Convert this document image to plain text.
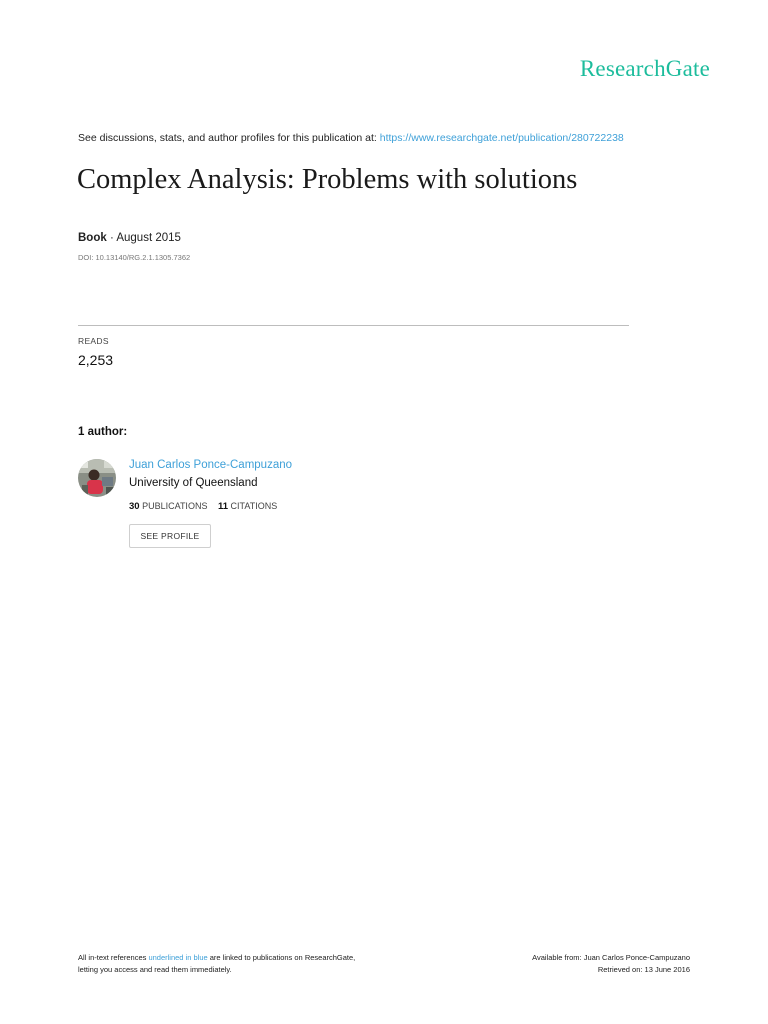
ResearchGate
See discussions, stats, and author profiles for this publication at: https://www.researchgate.net/publication/280722238
Complex Analysis: Problems with solutions
Book · August 2015
DOI: 10.13140/RG.2.1.1305.7362
READS
2,253
1 author:
Juan Carlos Ponce-Campuzano
University of Queensland
30 PUBLICATIONS 11 CITATIONS
SEE PROFILE
All in-text references underlined in blue are linked to publications on ResearchGate,
letting you access and read them immediately.
Available from: Juan Carlos Ponce-Campuzano
Retrieved on: 13 June 2016
